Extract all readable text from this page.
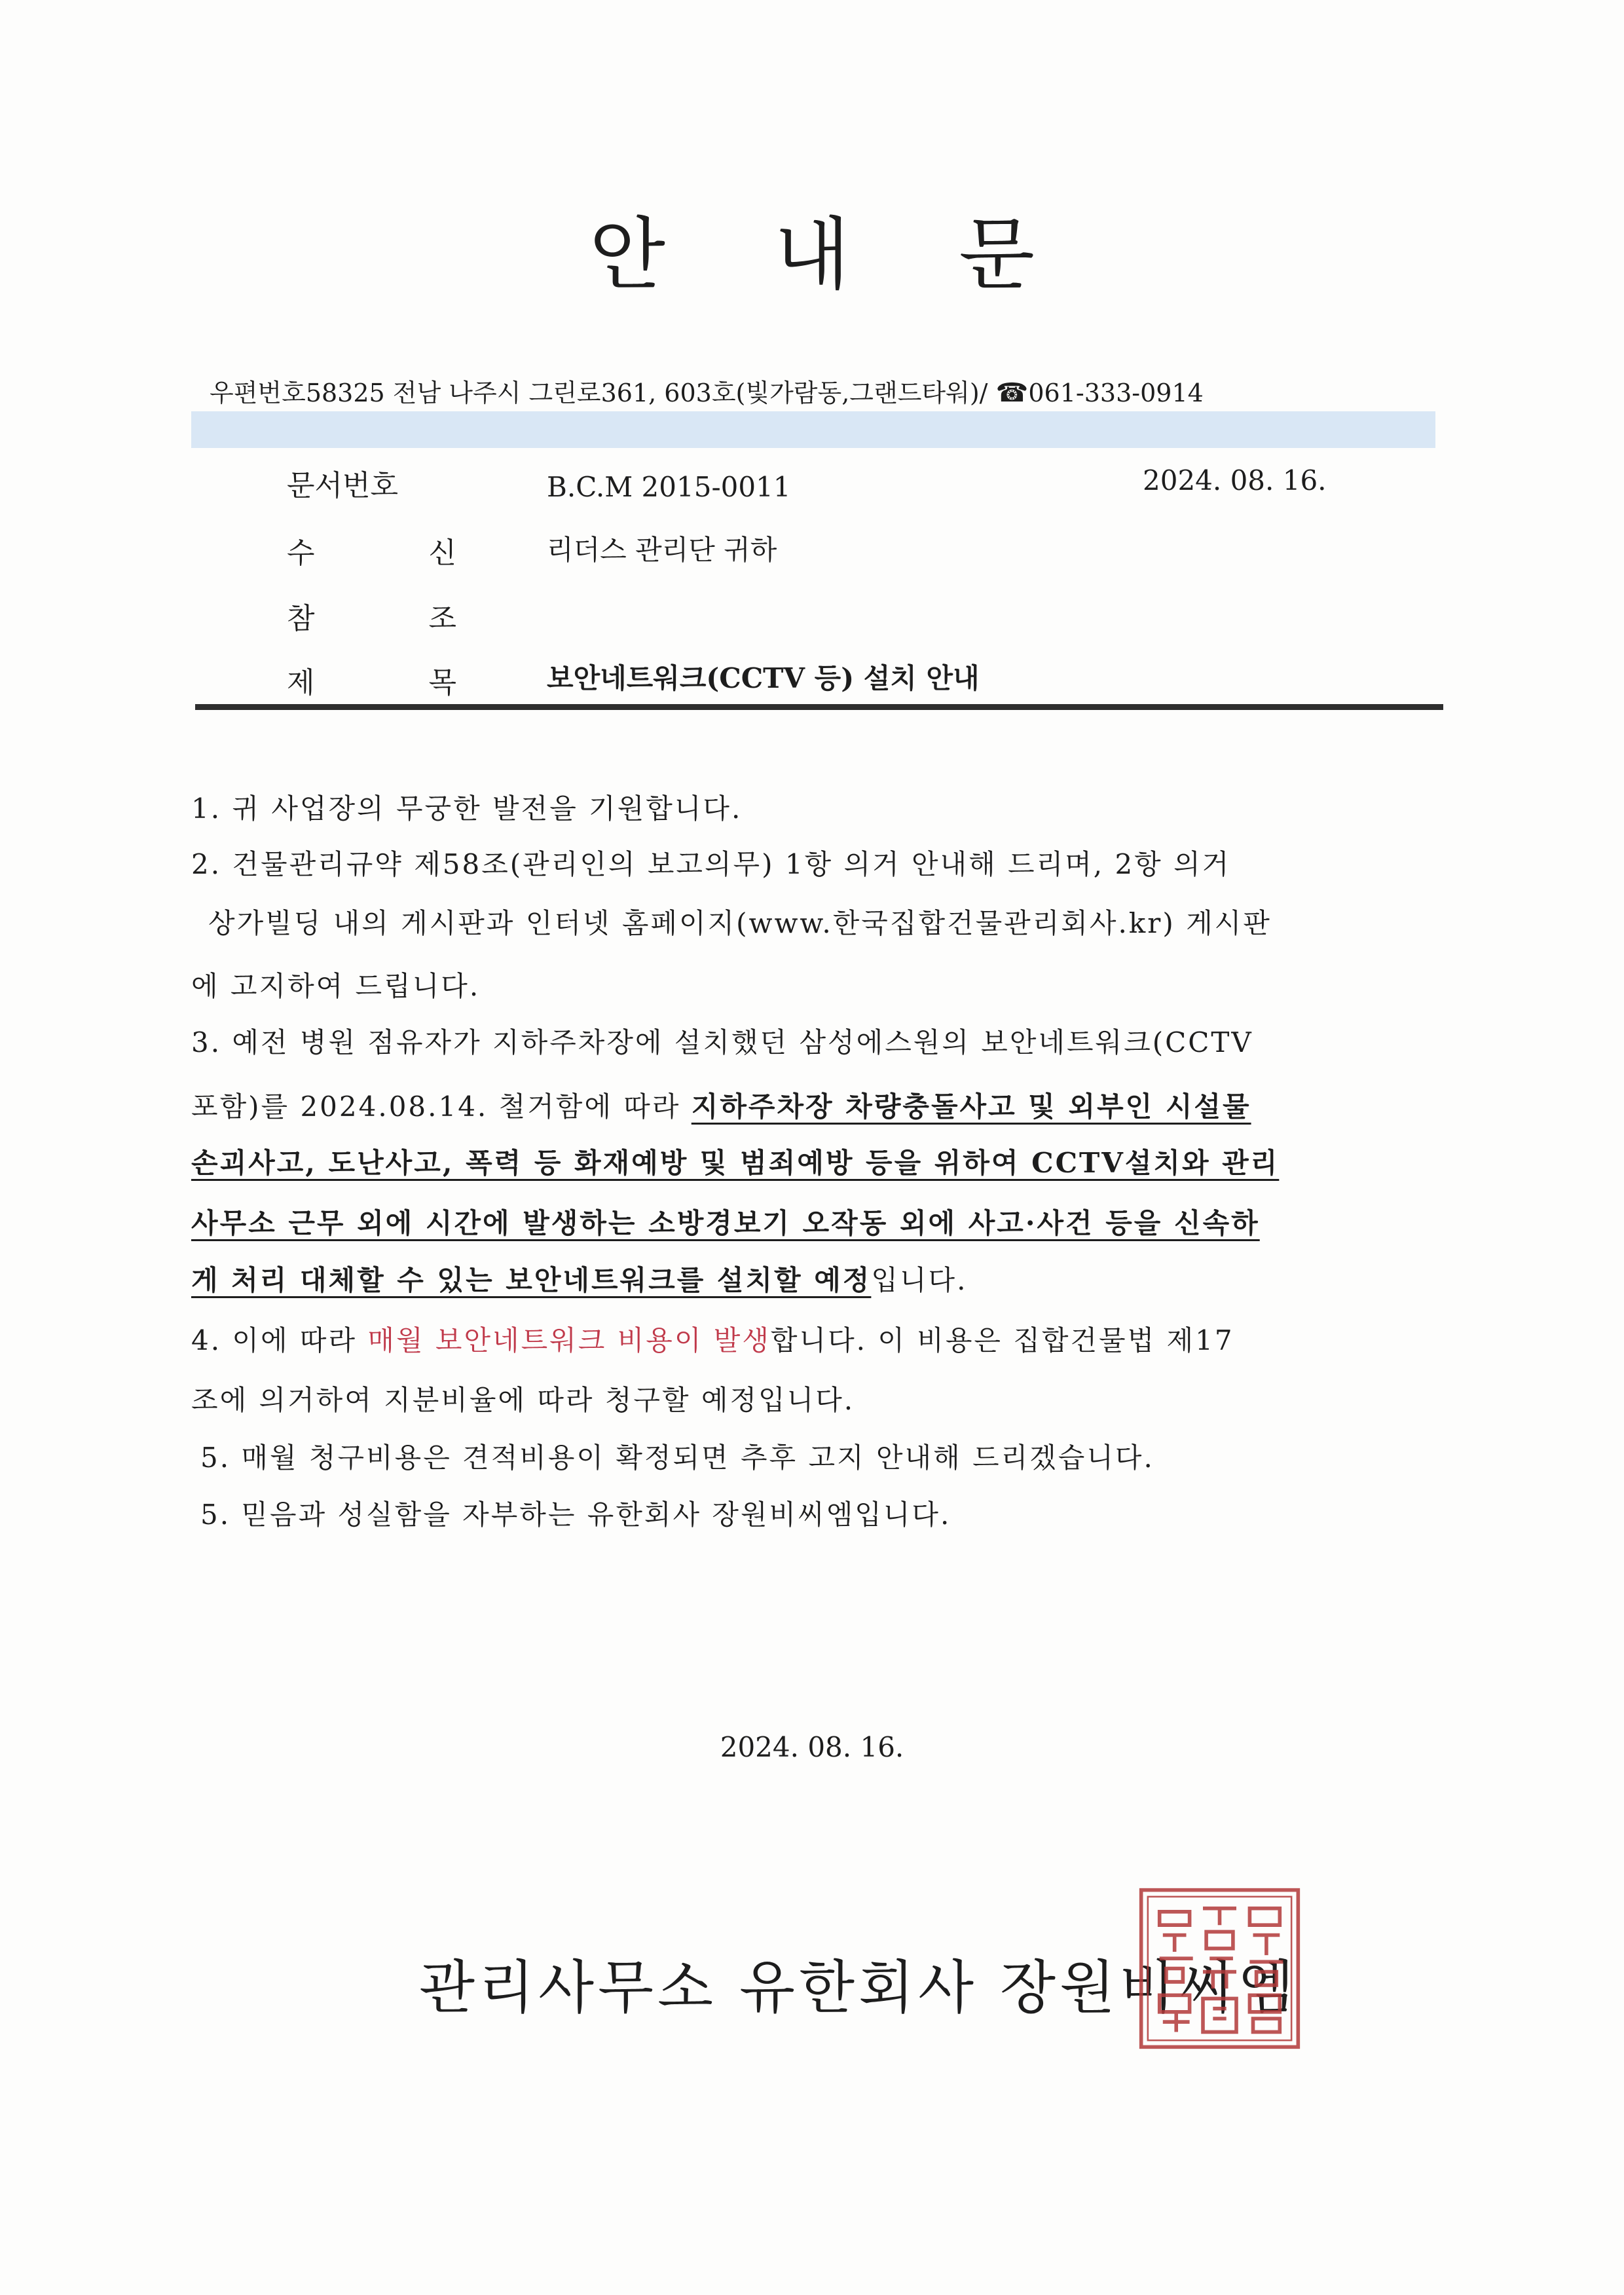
안 내 문
우편번호58325 전남 나주시 그린로361, 603호(빛가람동,그랜드타워)/ ☎061-333-0914
문서번호	B.C.M 2015-0011	2024. 08. 16.
수 신 리더스 관리단 귀하
참 조
제 목 보안네트워크(CCTV 등) 설치 안내
1. 귀 사업장의 무궁한 발전을 기원합니다.
2. 건물관리규약 제58조(관리인의 보고의무) 1항 의거 안내해 드리며, 2항 의거
상가빌딩 내의 게시판과 인터넷 홈페이지(www.한국집합건물관리회사.kr) 게시판
에 고지하여 드립니다.
3. 예전 병원 점유자가 지하주차장에 설치했던 삼성에스원의 보안네트워크(CCTV
포함)를 2024.08.14. 철거함에 따라 지하주차장 차량충돌사고 및 외부인 시설물
손괴사고, 도난사고, 폭력 등 화재예방 및 범죄예방 등을 위하여 CCTV설치와 관리
사무소 근무 외에 시간에 발생하는 소방경보기 오작동 외에 사고·사건 등을 신속하
게 처리 대체할 수 있는 보안네트워크를 설치할 예정입니다.
4. 이에 따라 매월 보안네트워크 비용이 발생합니다. 이 비용은 집합건물법 제17
조에 의거하여 지분비율에 따라 청구할 예정입니다.
5. 매월 청구비용은 견적비용이 확정되면 추후 고지 안내해 드리겠습니다.
5. 믿음과 성실함을 자부하는 유한회사 장원비씨엠입니다.
2024. 08. 16.
관리사무소 유한회사 장원비씨엠
